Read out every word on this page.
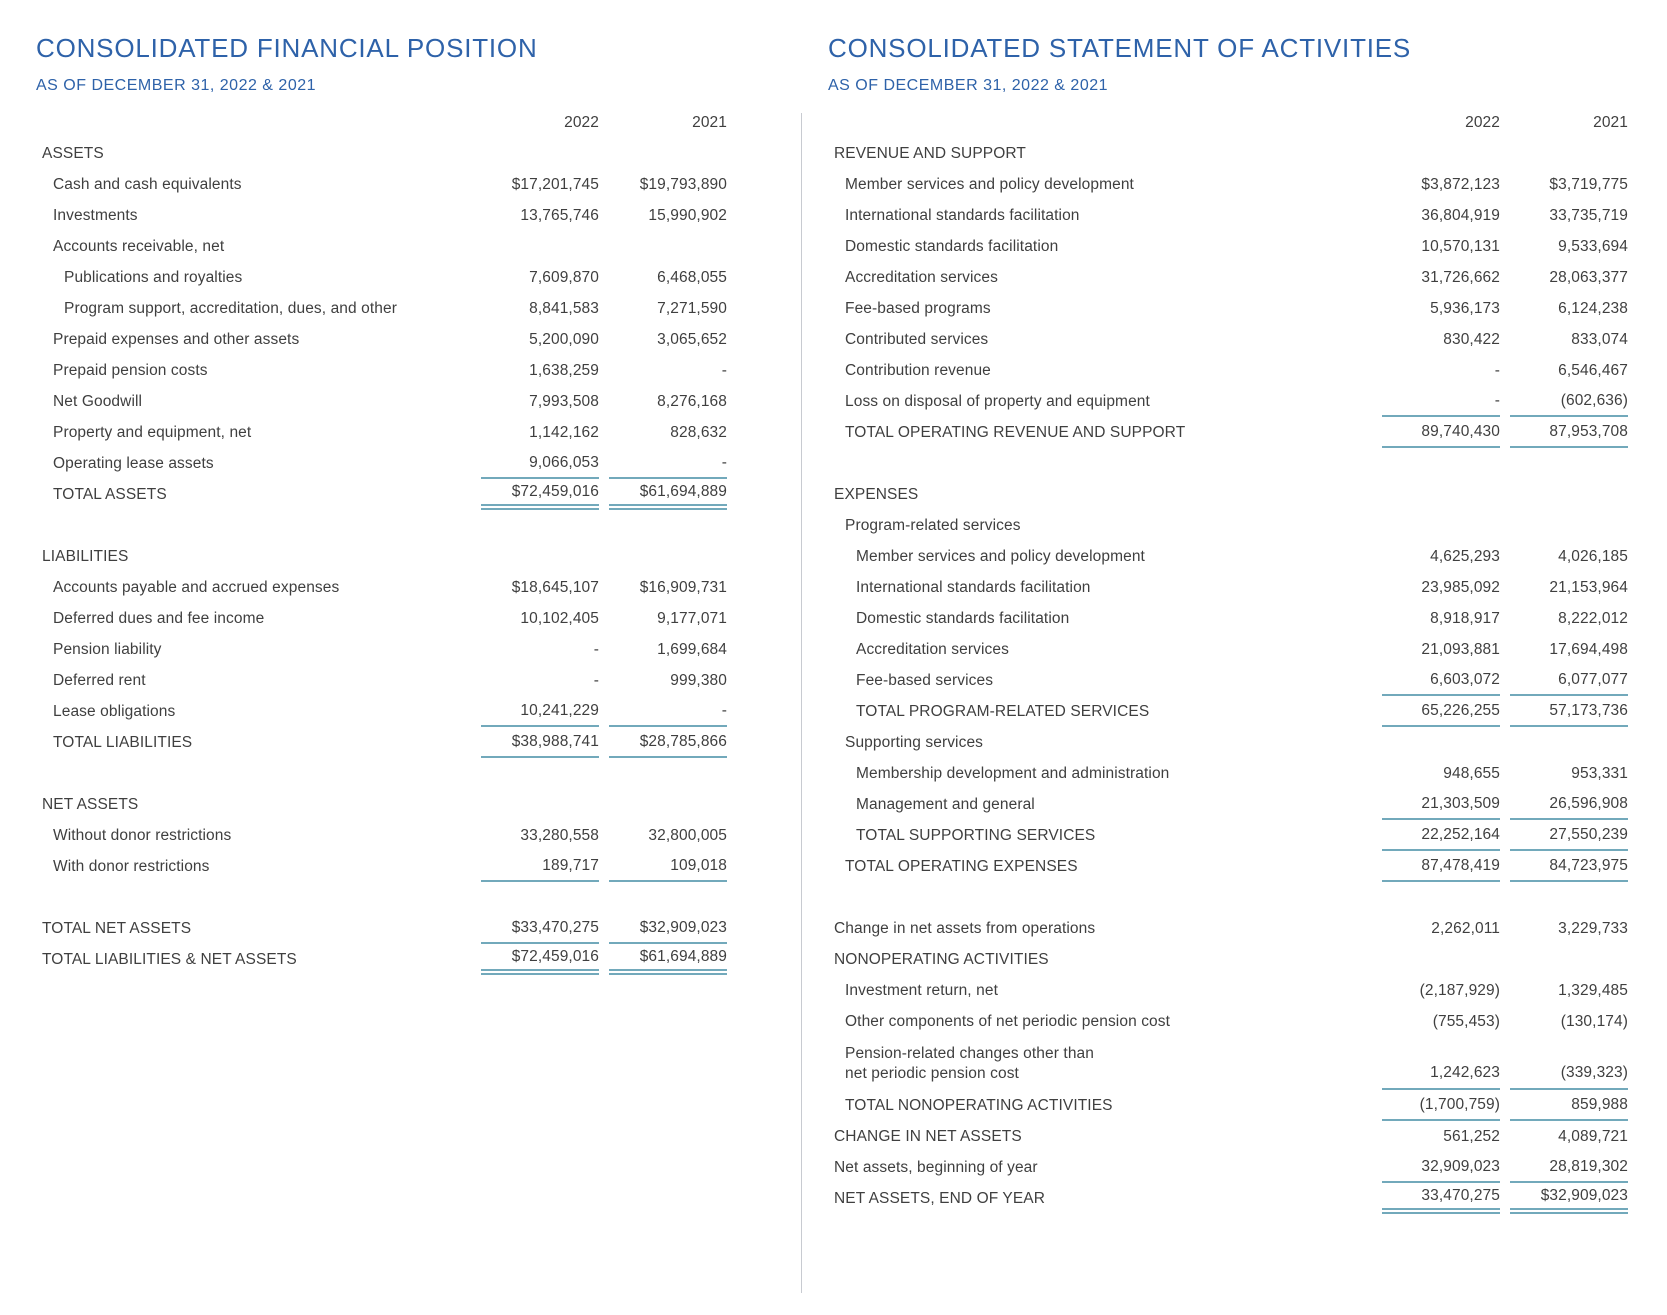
CONSOLIDATED FINANCIAL POSITION
AS OF DECEMBER 31, 2022 & 2021
2022	2021
ASSETS
Cash and cash equivalents	$17,201,745	$19,793,890
Investments	13,765,746	15,990,902
Accounts receivable, net
Publications and royalties	7,609,870	6,468,055
Program support, accreditation, dues, and other	8,841,583	7,271,590
Prepaid expenses and other assets	5,200,090	3,065,652
Prepaid pension costs	1,638,259	-
Net Goodwill	7,993,508	8,276,168
Property and equipment, net	1,142,162	828,632
Operating lease assets	9,066,053	-
TOTAL ASSETS	$72,459,016	$61,694,889
LIABILITIES
Accounts payable and accrued expenses	$18,645,107	$16,909,731
Deferred dues and fee income	10,102,405	9,177,071
Pension liability	-	1,699,684
Deferred rent	-	999,380
Lease obligations	10,241,229	-
TOTAL LIABILITIES	$38,988,741	$28,785,866
NET ASSETS
Without donor restrictions	33,280,558	32,800,005
With donor restrictions	189,717	109,018
TOTAL NET ASSETS	$33,470,275	$32,909,023
TOTAL LIABILITIES & NET ASSETS	$72,459,016	$61,694,889
CONSOLIDATED STATEMENT OF ACTIVITIES
AS OF DECEMBER 31, 2022 & 2021
2022	2021
REVENUE AND SUPPORT
Member services and policy development	$3,872,123	$3,719,775
International standards facilitation	36,804,919	33,735,719
Domestic standards facilitation	10,570,131	9,533,694
Accreditation services	31,726,662	28,063,377
Fee-based programs	5,936,173	6,124,238
Contributed services	830,422	833,074
Contribution revenue	-	6,546,467
Loss on disposal of property and equipment	-	(602,636)
TOTAL OPERATING REVENUE AND SUPPORT	89,740,430	87,953,708
EXPENSES
Program-related services
Member services and policy development	4,625,293	4,026,185
International standards facilitation	23,985,092	21,153,964
Domestic standards facilitation	8,918,917	8,222,012
Accreditation services	21,093,881	17,694,498
Fee-based services	6,603,072	6,077,077
TOTAL PROGRAM-RELATED SERVICES	65,226,255	57,173,736
Supporting services
Membership development and administration	948,655	953,331
Management and general	21,303,509	26,596,908
TOTAL SUPPORTING SERVICES	22,252,164	27,550,239
TOTAL OPERATING EXPENSES	87,478,419	84,723,975
Change in net assets from operations	2,262,011	3,229,733
NONOPERATING ACTIVITIES
Investment return, net	(2,187,929)	1,329,485
Other components of net periodic pension cost	(755,453)	(130,174)
Pension-related changes other than
net periodic pension cost	1,242,623	(339,323)
TOTAL NONOPERATING ACTIVITIES	(1,700,759)	859,988
CHANGE IN NET ASSETS	561,252	4,089,721
Net assets, beginning of year	32,909,023	28,819,302
NET ASSETS, END OF YEAR	33,470,275	$32,909,023
